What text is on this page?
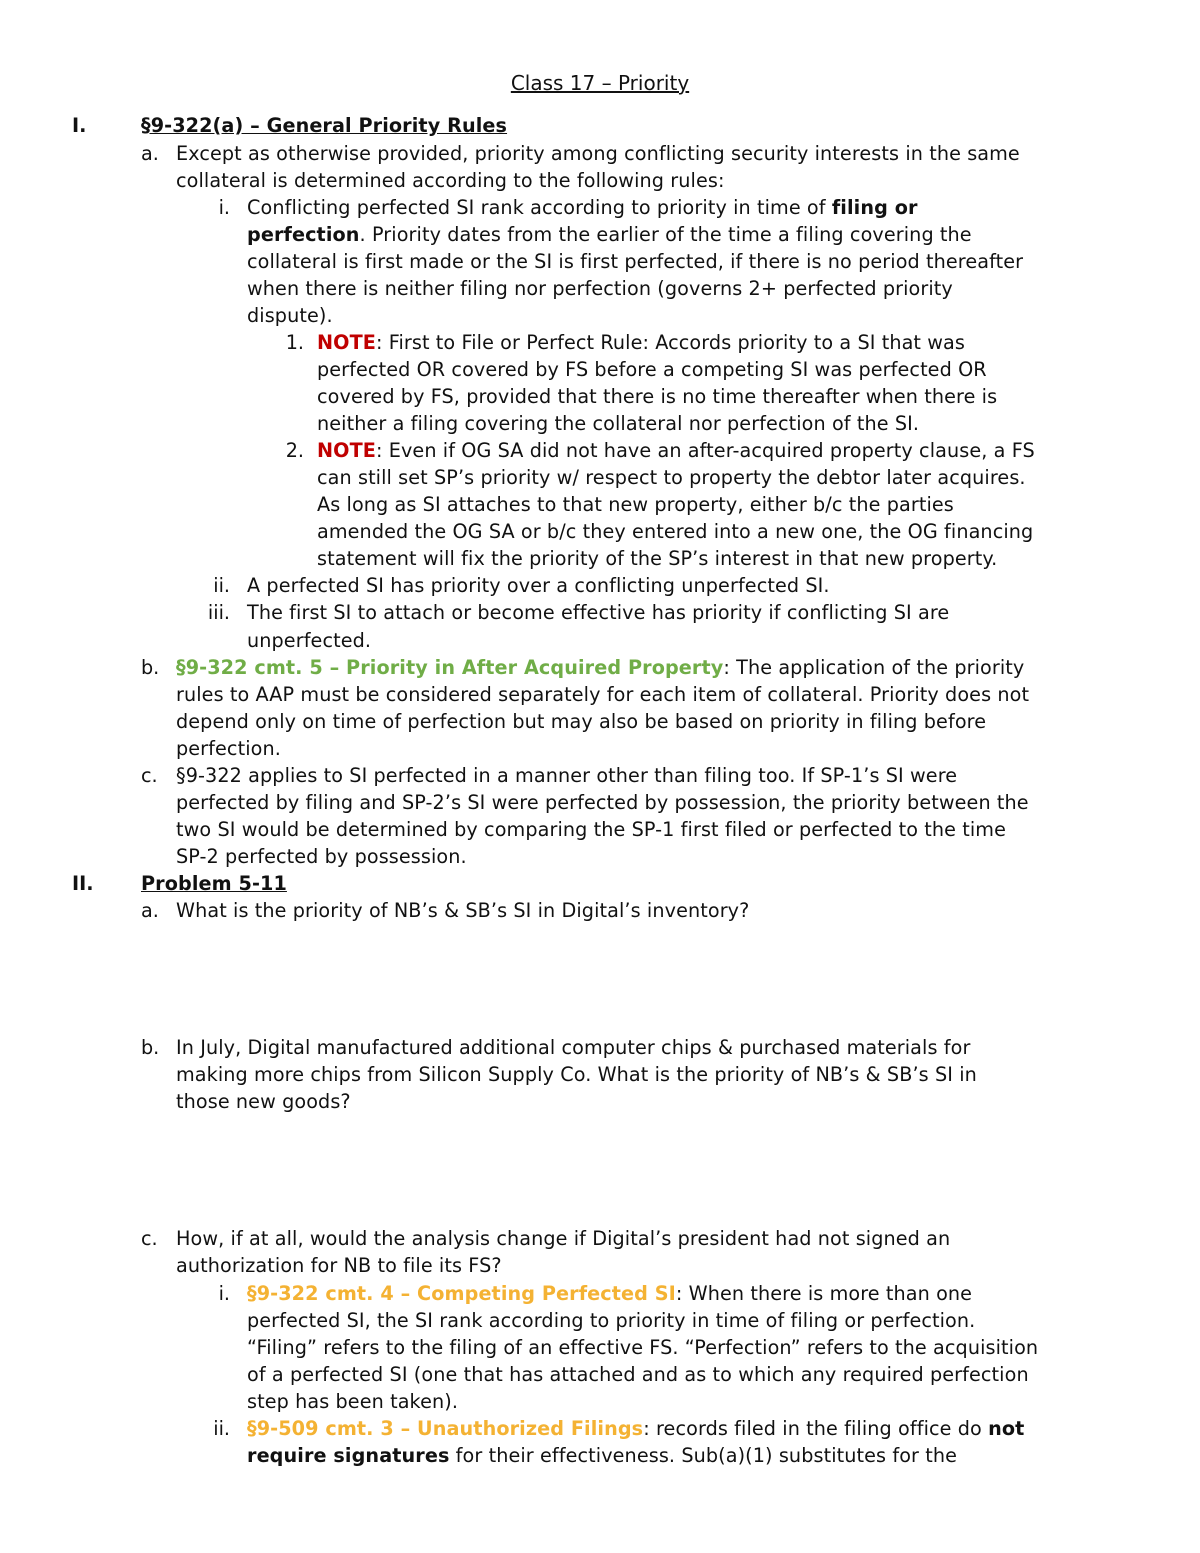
Class 17 – Priority
I.	§9-322(a) – General Priority Rules
a. Except as otherwise provided, priority among conflicting security interests in the same
collateral is determined according to the following rules:
i. Conflicting perfected SI rank according to priority in time of filing or
perfection. Priority dates from the earlier of the time a filing covering the
collateral is first made or the SI is first perfected, if there is no period thereafter
when there is neither filing nor perfection (governs 2+ perfected priority
dispute).
1. NOTE: First to File or Perfect Rule: Accords priority to a SI that was
perfected OR covered by FS before a competing SI was perfected OR
covered by FS, provided that there is no time thereafter when there is
neither a filing covering the collateral nor perfection of the SI.
2. NOTE: Even if OG SA did not have an after-acquired property clause, a FS
can still set SP’s priority w/ respect to property the debtor later acquires.
As long as SI attaches to that new property, either b/c the parties
amended the OG SA or b/c they entered into a new one, the OG financing
statement will fix the priority of the SP’s interest in that new property.
ii. A perfected SI has priority over a conflicting unperfected SI.
iii. The first SI to attach or become effective has priority if conflicting SI are
unperfected.
b. §9-322 cmt. 5 – Priority in After Acquired Property: The application of the priority
rules to AAP must be considered separately for each item of collateral. Priority does not
depend only on time of perfection but may also be based on priority in filing before
perfection.
c. §9-322 applies to SI perfected in a manner other than filing too. If SP-1’s SI were
perfected by filing and SP-2’s SI were perfected by possession, the priority between the
two SI would be determined by comparing the SP-1 first filed or perfected to the time
SP-2 perfected by possession.
II. Problem 5-11
a. What is the priority of NB’s & SB’s SI in Digital’s inventory?
b. In July, Digital manufactured additional computer chips & purchased materials for
making more chips from Silicon Supply Co. What is the priority of NB’s & SB’s SI in
those new goods?
c. How, if at all, would the analysis change if Digital’s president had not signed an
authorization for NB to file its FS?
i. §9-322 cmt. 4 – Competing Perfected SI: When there is more than one
perfected SI, the SI rank according to priority in time of filing or perfection.
“Filing” refers to the filing of an effective FS. “Perfection” refers to the acquisition
of a perfected SI (one that has attached and as to which any required perfection
step has been taken).
ii. §9-509 cmt. 3 – Unauthorized Filings: records filed in the filing office do not
require signatures for their effectiveness. Sub(a)(1) substitutes for the
